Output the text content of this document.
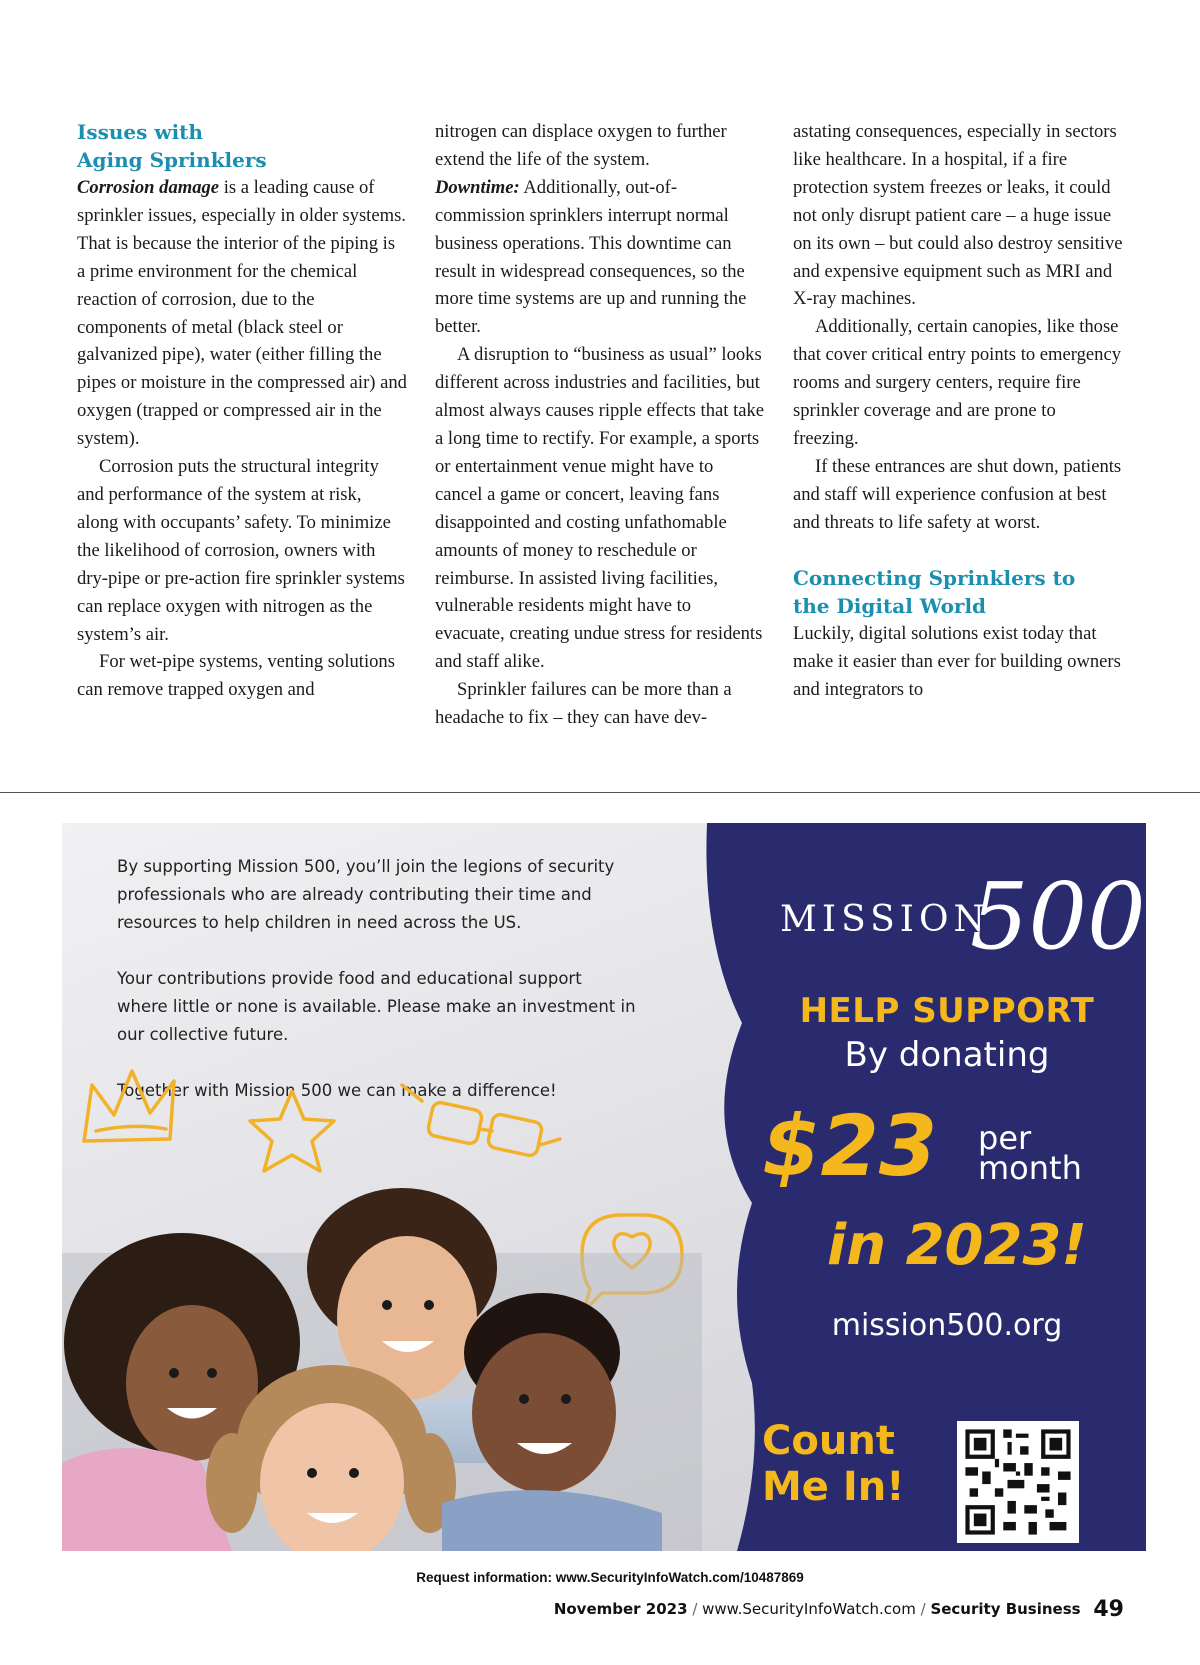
Issues with
Aging Sprinklers

Corrosion damage is a leading cause of sprinkler issues, especially in older systems. That is because the interior of the piping is a prime environment for the chemical reaction of corrosion, due to the components of metal (black steel or galvanized pipe), water (either filling the pipes or moisture in the compressed air) and oxygen (trapped or compressed air in the system).

Corrosion puts the structural integrity and performance of the system at risk, along with occupants’ safety. To minimize the likelihood of corrosion, owners with dry-pipe or pre-action fire sprinkler systems can replace oxygen with nitrogen as the system’s air.

For wet-pipe systems, venting solutions can remove trapped oxygen and

nitrogen can displace oxygen to further extend the life of the system.

Downtime: Additionally, out-of-commission sprinklers interrupt normal business operations. This downtime can result in widespread consequences, so the more time systems are up and running the better.

A disruption to “business as usual” looks different across industries and facilities, but almost always causes ripple effects that take a long time to rectify. For example, a sports or entertainment venue might have to cancel a game or concert, leaving fans disappointed and costing unfathomable amounts of money to reschedule or reimburse. In assisted living facilities, vulnerable residents might have to evacuate, creating undue stress for residents and staff alike.

Sprinkler failures can be more than a headache to fix – they can have dev-

astating consequences, especially in sectors like healthcare. In a hospital, if a fire protection system freezes or leaks, it could not only disrupt patient care – a huge issue on its own – but could also destroy sensitive and expensive equipment such as MRI and X-ray machines.

Additionally, certain canopies, like those that cover critical entry points to emergency rooms and surgery centers, require fire sprinkler coverage and are prone to freezing.

If these entrances are shut down, patients and staff will experience confusion at best and threats to life safety at worst.

Connecting Sprinklers to
the Digital World

Luckily, digital solutions exist today that make it easier than ever for building owners and integrators to

By supporting Mission 500, you’ll join the legions of security professionals who are already contributing their time and resources to help children in need across the US.

Your contributions provide food and educational support where little or none is available. Please make an investment in our collective future.

Together with Mission 500 we can make a difference!

MISSION
500
HELP SUPPORT
By donating
$23 per
month
in 2023!
mission500.org
Count
Me In!
Request information: www.SecurityInfoWatch.com/10487869
November 2023 / www.SecurityInfoWatch.com / Security Business 49
